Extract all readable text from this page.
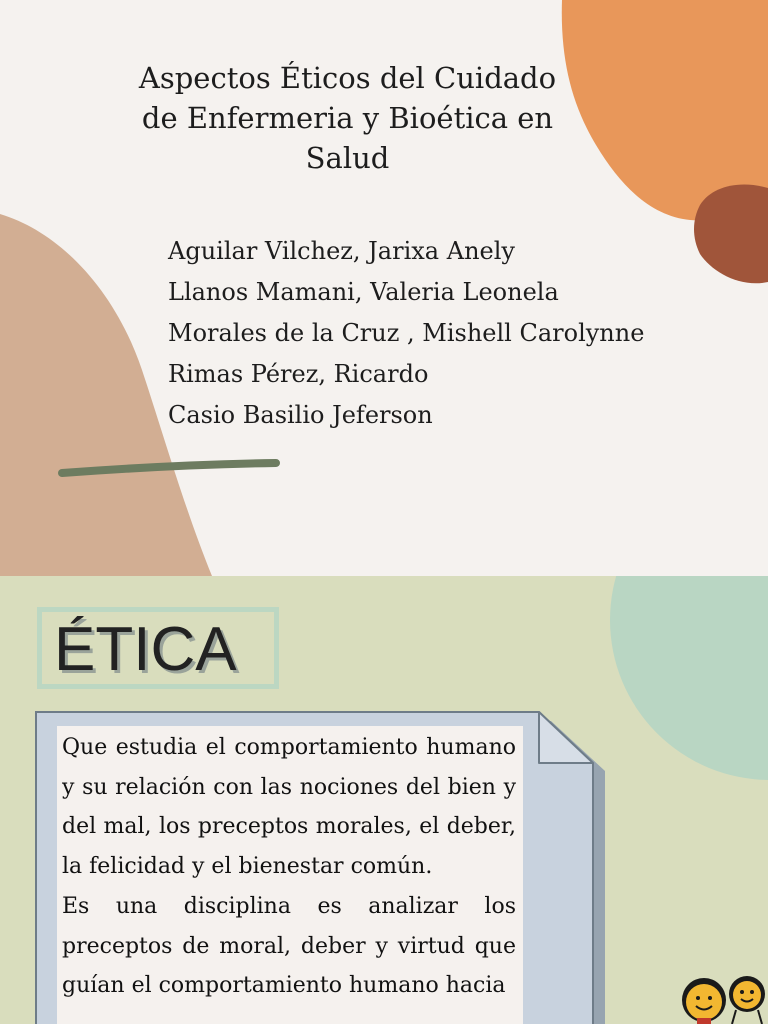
Aspectos Éticos del Cuidado de Enfermeria y Bioética en Salud
Aguilar Vilchez, Jarixa Anely
Llanos Mamani, Valeria Leonela
Morales de la Cruz , Mishell Carolynne
Rimas Pérez, Ricardo
Casio Basilio Jeferson
ÉTICA

Que estudia el comportamiento humano y su relación con las nociones del bien y del mal, los preceptos morales, el deber, la felicidad y el bienestar común.

Es una disciplina es analizar los preceptos de moral, deber y virtud que guían el comportamiento humano hacia
